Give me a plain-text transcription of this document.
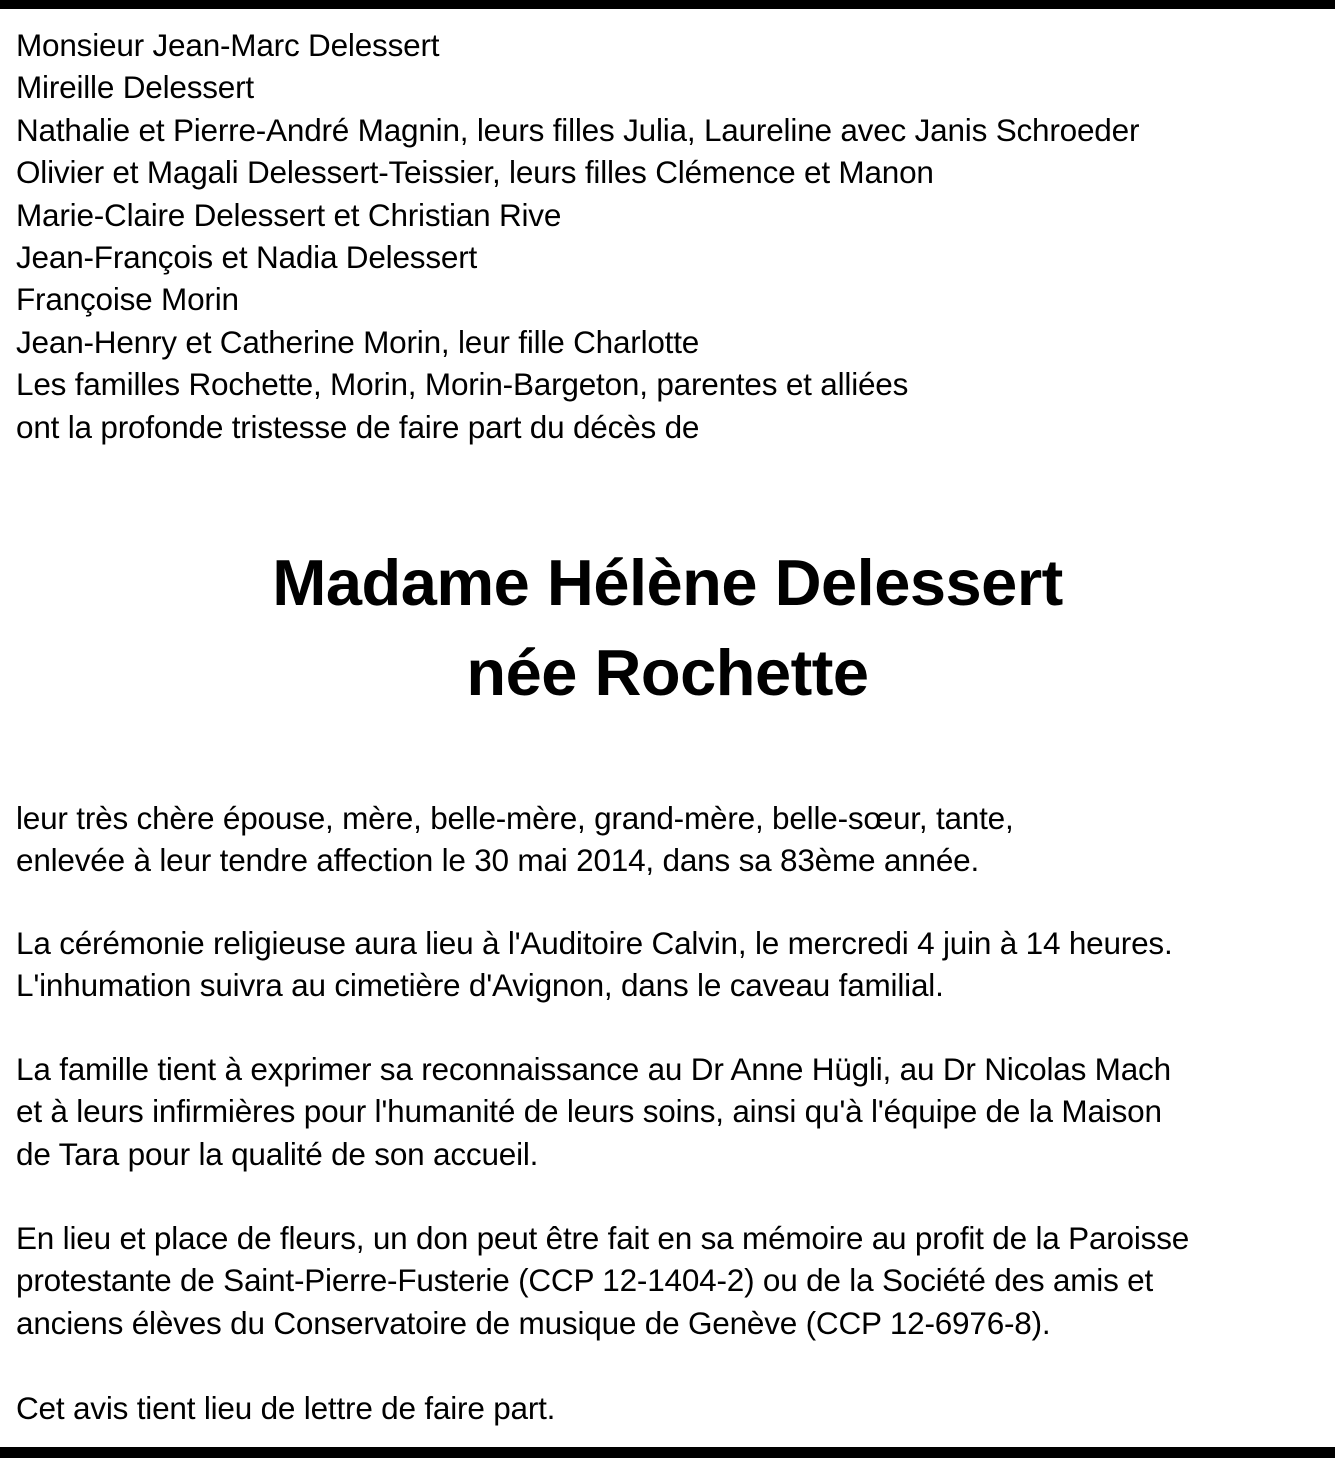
Monsieur Jean-Marc Delessert
Mireille Delessert
Nathalie et Pierre-André Magnin, leurs filles Julia, Laureline avec Janis Schroeder
Olivier et Magali Delessert-Teissier, leurs filles Clémence et Manon
Marie-Claire Delessert et Christian Rive
Jean-François et Nadia Delessert
Françoise Morin
Jean-Henry et Catherine Morin, leur fille Charlotte
Les familles Rochette, Morin, Morin-Bargeton, parentes et alliées
ont la profonde tristesse de faire part du décès de
Madame Hélène Delessert
née Rochette

leur très chère épouse, mère, belle-mère, grand-mère, belle-sœur, tante,

enlevée à leur tendre affection le 30 mai 2014, dans sa 83ème année.

La cérémonie religieuse aura lieu à l'Auditoire Calvin, le mercredi 4 juin à 14 heures.

L'inhumation suivra au cimetière d'Avignon, dans le caveau familial.

La famille tient à exprimer sa reconnaissance au Dr Anne Hügli, au Dr Nicolas Mach

et à leurs infirmières pour l'humanité de leurs soins, ainsi qu'à l'équipe de la Maison

de Tara pour la qualité de son accueil.

En lieu et place de fleurs, un don peut être fait en sa mémoire au profit de la Paroisse

protestante de Saint-Pierre-Fusterie (CCP 12-1404-2) ou de la Société des amis et

anciens élèves du Conservatoire de musique de Genève (CCP 12-6976-8).

Cet avis tient lieu de lettre de faire part.
